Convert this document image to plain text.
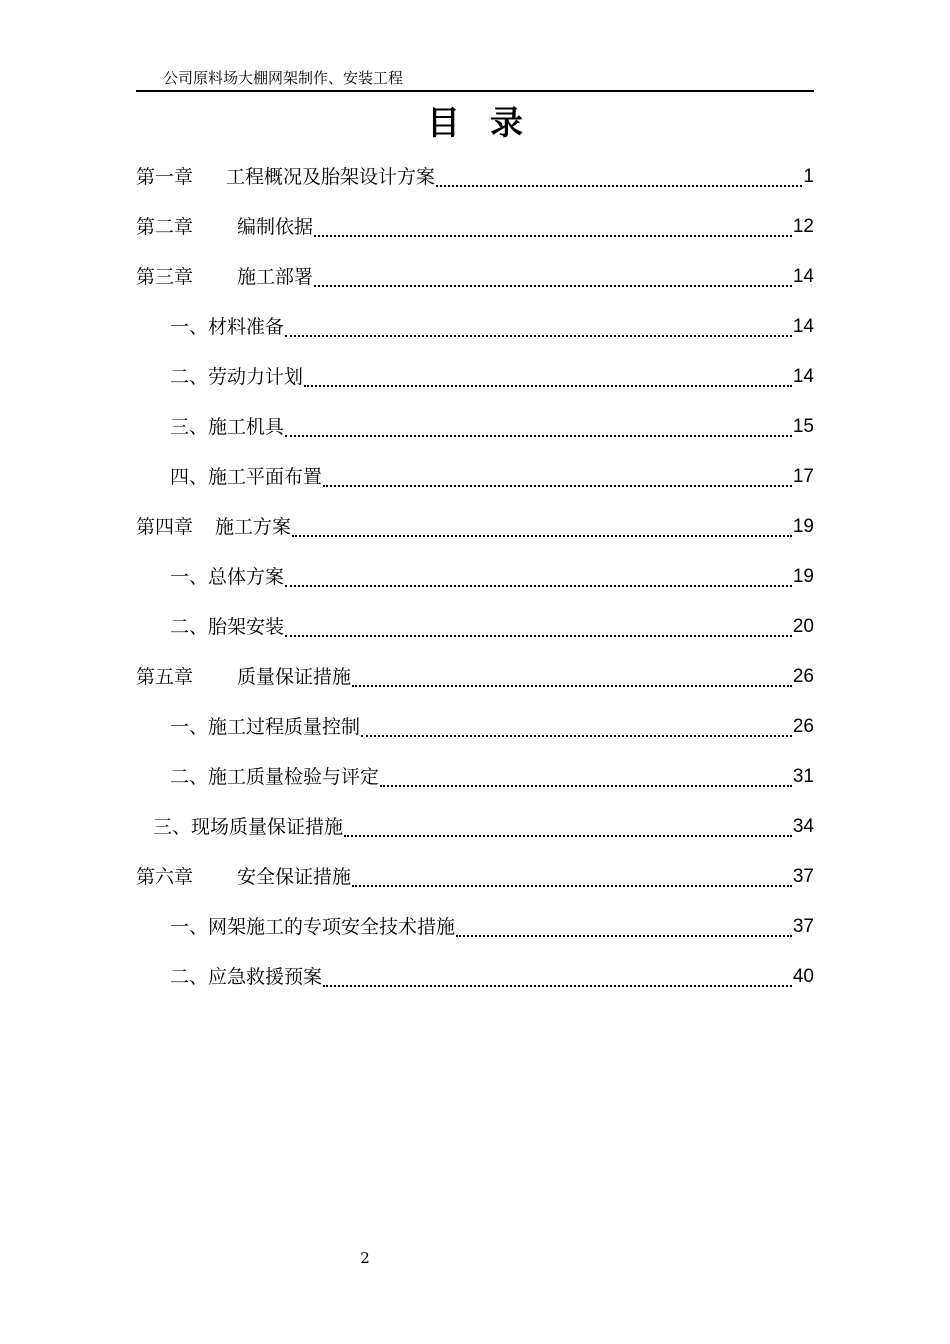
公司原料场大棚网架制作、安装工程
目录
第一章 工程概况及胎架设计方案	1
第二章 编制依据	12
第三章 施工部署	14
一、材料准备	14
二、劳动力计划	14
三、施工机具	15
四、施工平面布置	17
第四章 施工方案	19
一、总体方案	19
二、胎架安装	20
第五章 质量保证措施	26
一、施工过程质量控制	26
二、施工质量检验与评定	31
三、现场质量保证措施	34
第六章 安全保证措施	37
一、网架施工的专项安全技术措施	37
二、应急救援预案	40
2
